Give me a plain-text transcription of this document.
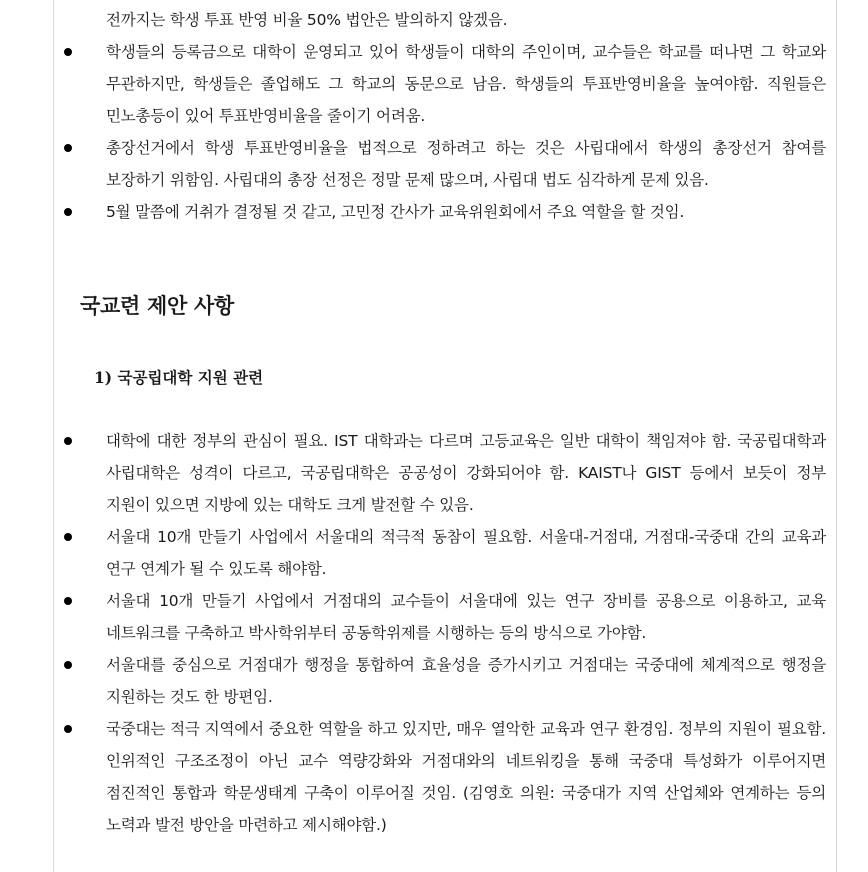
전까지는 학생 투표 반영 비율 50% 법안은 발의하지 않겠음.

학생들의 등록금으로 대학이 운영되고 있어 학생들이 대학의 주인이며, 교수들은 학교를 떠나면 그 학교와 무관하지만, 학생들은 졸업해도 그 학교의 동문으로 남음. 학생들의 투표반영비율을 높여야함. 직원들은 민노총등이 있어 투표반영비율을 줄이기 어려움.
총장선거에서 학생 투표반영비율을 법적으로 정하려고 하는 것은 사립대에서 학생의 총장선거 참여를 보장하기 위함임. 사립대의 총장 선정은 정말 문제 많으며, 사립대 법도 심각하게 문제 있음.
5월 말쯤에 거취가 결정될 것 같고, 고민정 간사가 교육위원회에서 주요 역할을 할 것임.
국교련 제안 사항
1) 국공립대학 지원 관련
대학에 대한 정부의 관심이 필요. IST 대학과는 다르며 고등교육은 일반 대학이 책임져야 함. 국공립대학과 사립대학은 성격이 다르고, 국공립대학은 공공성이 강화되어야 함. KAIST나 GIST 등에서 보듯이 정부 지원이 있으면 지방에 있는 대학도 크게 발전할 수 있음.
서울대 10개 만들기 사업에서 서울대의 적극적 동참이 필요함. 서울대-거점대, 거점대-국중대 간의 교육과 연구 연계가 될 수 있도록 해야함.
서울대 10개 만들기 사업에서 거점대의 교수들이 서울대에 있는 연구 장비를 공용으로 이용하고, 교육 네트워크를 구축하고 박사학위부터 공동학위제를 시행하는 등의 방식으로 가야함.
서울대를 중심으로 거점대가 행정을 통합하여 효율성을 증가시키고 거점대는 국중대에 체계적으로 행정을 지원하는 것도 한 방편임.
국중대는 적극 지역에서 중요한 역할을 하고 있지만, 매우 열악한 교육과 연구 환경임. 정부의 지원이 필요함. 인위적인 구조조정이 아닌 교수 역량강화와 거점대와의 네트워킹을 통해 국중대 특성화가 이루어지면 점진적인 통합과 학문생태계 구축이 이루어질 것임. (김영호 의원: 국중대가 지역 산업체와 연계하는 등의 노력과 발전 방안을 마련하고 제시해야함.)
